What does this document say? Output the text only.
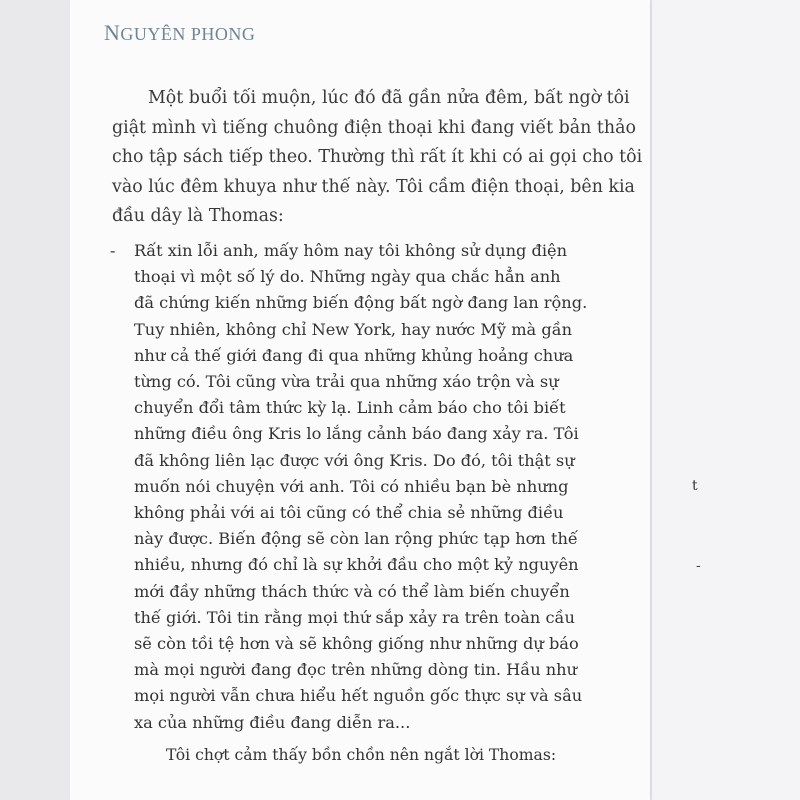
NGUYÊN PHONG
Một buổi tối muộn, lúc đó đã gần nửa đêm, bất ngờ tôi
giật mình vì tiếng chuông điện thoại khi đang viết bản thảo
cho tập sách tiếp theo. Thường thì rất ít khi có ai gọi cho tôi
vào lúc đêm khuya như thế này. Tôi cầm điện thoại, bên kia
đầu dây là Thomas:
- Rất xin lỗi anh, mấy hôm nay tôi không sử dụng điện
thoại vì một số lý do. Những ngày qua chắc hẳn anh
đã chứng kiến những biến động bất ngờ đang lan rộng.
Tuy nhiên, không chỉ New York, hay nước Mỹ mà gần
như cả thế giới đang đi qua những khủng hoảng chưa
từng có. Tôi cũng vừa trải qua những xáo trộn và sự
chuyển đổi tâm thức kỳ lạ. Linh cảm báo cho tôi biết
những điều ông Kris lo lắng cảnh báo đang xảy ra. Tôi
đã không liên lạc được với ông Kris. Do đó, tôi thật sự
muốn nói chuyện với anh. Tôi có nhiều bạn bè nhưng
không phải với ai tôi cũng có thể chia sẻ những điều
này được. Biến động sẽ còn lan rộng phức tạp hơn thế
nhiều, nhưng đó chỉ là sự khởi đầu cho một kỷ nguyên
mới đầy những thách thức và có thể làm biến chuyển
thế giới. Tôi tin rằng mọi thứ sắp xảy ra trên toàn cầu
sẽ còn tồi tệ hơn và sẽ không giống như những dự báo
mà mọi người đang đọc trên những dòng tin. Hầu như
mọi người vẫn chưa hiểu hết nguồn gốc thực sự và sâu
xa của những điều đang diễn ra...
Tôi chợt cảm thấy bồn chồn nên ngắt lời Thomas:
t
-
